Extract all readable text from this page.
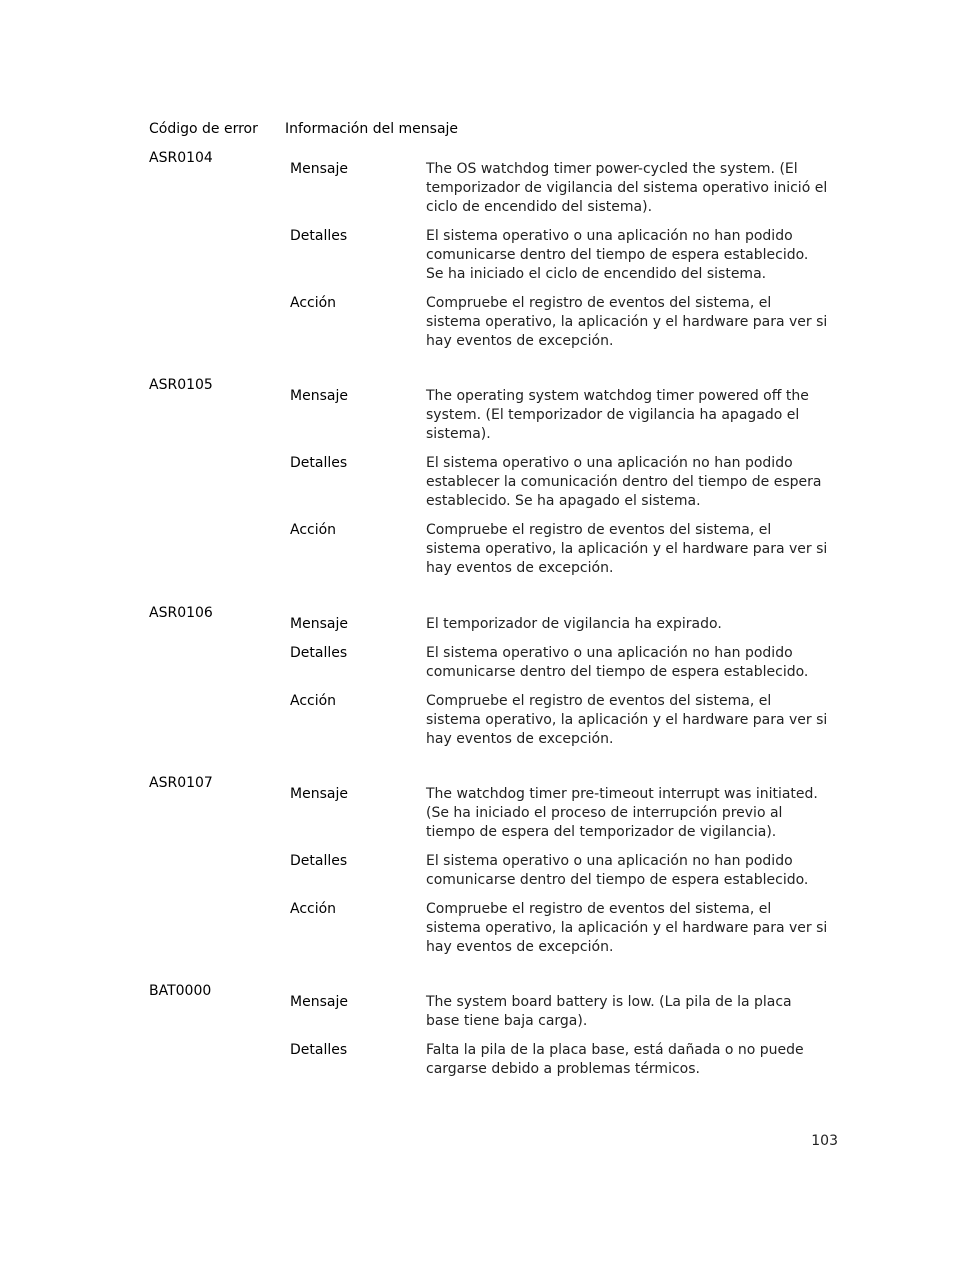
Código de error Información del mensaje
ASR0104
Mensaje	The OS watchdog timer power-cycled the system. (El temporizador de vigilancia del sistema operativo inició el ciclo de encendido del sistema).
Detalles	El sistema operativo o una aplicación no han podido comunicarse dentro del tiempo de espera establecido. Se ha iniciado el ciclo de encendido del sistema.
Acción	Compruebe el registro de eventos del sistema, el sistema operativo, la aplicación y el hardware para ver si hay eventos de excepción.
ASR0105
Mensaje	The operating system watchdog timer powered off the system. (El temporizador de vigilancia ha apagado el sistema).
Detalles	El sistema operativo o una aplicación no han podido establecer la comunicación dentro del tiempo de espera establecido. Se ha apagado el sistema.
Acción	Compruebe el registro de eventos del sistema, el sistema operativo, la aplicación y el hardware para ver si hay eventos de excepción.
ASR0106
Mensaje	El temporizador de vigilancia ha expirado.
Detalles	El sistema operativo o una aplicación no han podido comunicarse dentro del tiempo de espera establecido.
Acción	Compruebe el registro de eventos del sistema, el sistema operativo, la aplicación y el hardware para ver si hay eventos de excepción.
ASR0107
Mensaje	The watchdog timer pre-timeout interrupt was initiated. (Se ha iniciado el proceso de interrupción previo al tiempo de espera del temporizador de vigilancia).
Detalles	El sistema operativo o una aplicación no han podido comunicarse dentro del tiempo de espera establecido.
Acción	Compruebe el registro de eventos del sistema, el sistema operativo, la aplicación y el hardware para ver si hay eventos de excepción.
BAT0000
Mensaje	The system board battery is low. (La pila de la placa base tiene baja carga).
Detalles	Falta la pila de la placa base, está dañada o no puede cargarse debido a problemas térmicos.
103
